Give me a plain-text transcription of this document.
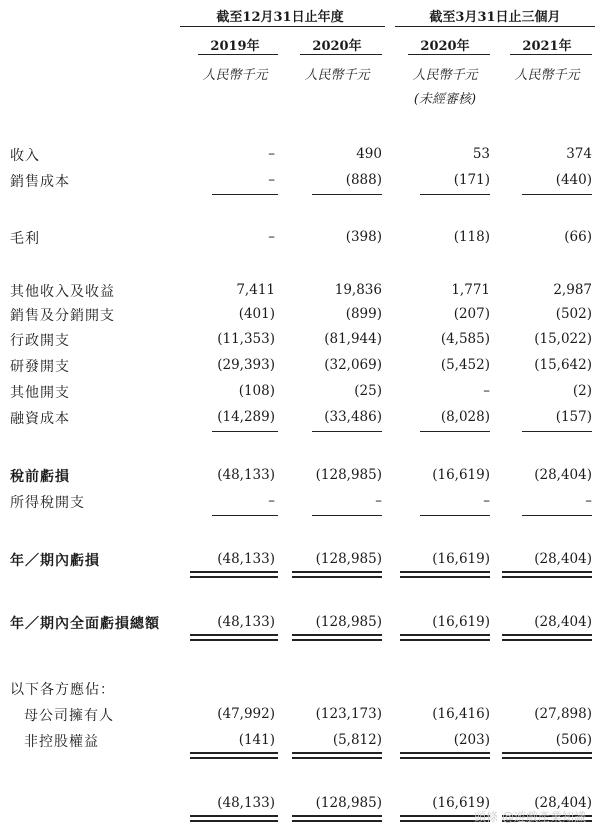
截至12月31日止年度	截至3月31日止三個月
2019年	2020年	2020年	2021年
人民幣千元	人民幣千元	人民幣千元	人民幣千元
(未經審核)
收入	–	490	53	374
銷售成本	–	(888)	(171)	(440)
毛利	–	(398)	(118)	(66)
其他收入及收益	7,411	19,836	1,771	2,987
銷售及分銷開支	(401)	(899)	(207)	(502)
行政開支	(11,353)	(81,944)	(4,585)	(15,022)
研發開支	(29,393)	(32,069)	(5,452)	(15,642)
其他開支	(108)	(25)	–	(2)
融資成本	(14,289)	(33,486)	(8,028)	(157)
稅前虧損	(48,133)	(128,985)	(16,619)	(28,404)
所得稅開支	–	–	–	–
年／期內虧損	(48,133)	(128,985)	(16,619)	(28,404)
年／期內全面虧損總額	(48,133)	(128,985)	(16,619)	(28,404)
以下各方應佔：
母公司擁有人	(47,992)	(123,173)	(16,416)	(27,898)
非控股權益	(141)	(5,812)	(203)	(506)
(48,133)	(128,985)	(16,619)	(28,404)
頭條 @遊戲產業知識
